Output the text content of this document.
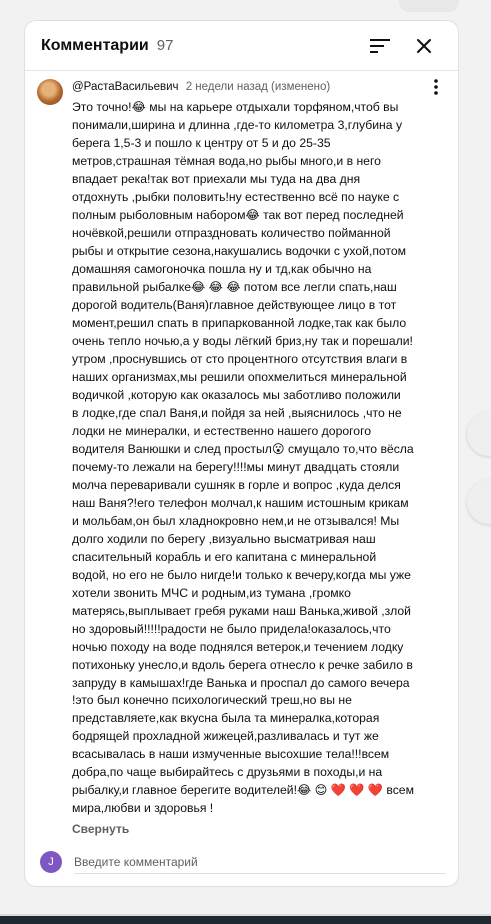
Комментарии 97
@РастаВасильевич 2 недели назад (изменено)

Это точно!😂 мы на карьере отдыхали торфяном,чтоб вы

понимали,ширина и длинна ,где-то километра 3,глубина у

берега 1,5-3 и пошло к центру от 5 и до 25-35

метров,страшная тёмная вода,но рыбы много,и в него

впадает река!так вот приехали мы туда на два дня

отдохнуть ,рыбки половить!ну естественно всё по науке с

полным рыболовным набором😂 так вот перед последней

ночёвкой,решили отпраздновать количество пойманной

рыбы и открытие сезона,накушались водочки с ухой,потом

домашняя самогоночка пошла ну и тд,как обычно на

правильной рыбалке😂 😂 😂 потом все легли спать,наш

дорогой водитель(Ваня)главное действующее лицо в тот

момент,решил спать в припаркованной лодке,так как было

очень тепло ночью,а у воды лёгкий бриз,ну так и порешали!

утром ,проснувшись от сто процентного отсутствия влаги в

наших организмах,мы решили опохмелиться минеральной

водичкой ,которую как оказалось мы заботливо положили

в лодке,где спал Ваня,и пойдя за ней ,выяснилось ,что не

лодки не минералки, и естественно нашего дорогого

водителя Ванюшки и след простыл😮 смущало то,что вёсла

почему-то лежали на берегу!!!!мы минут двадцать стояли

молча переваривали сушняк в горле и вопрос ,куда делся

наш Ваня?!его телефон молчал,к нашим истошным крикам

и мольбам,он был хладнокровно нем,и не отзывался! Мы

долго ходили по берегу ,визуально высматривая наш

спасительный корабль и его капитана с минеральной

водой, но его не было нигде!и только к вечеру,когда мы уже

хотели звонить МЧС и родным,из тумана ,громко

матерясь,выплывает гребя руками наш Ванька,живой ,злой

но здоровый!!!!!радости не было придела!оказалось,что

ночью походу на воде поднялся ветерок,и течением лодку

потихоньку унесло,и вдоль берега отнесло к речке забило в

запруду в камышах!где Ванька и проспал до самого вечера

!это был конечно психологический треш,но вы не

представляете,как вкусна была та минералка,которая

бодрящей прохладной жижецей,разливалась и тут же

всасывалась в наши измученные высохшие тела!!!всем

добра,по чаще выбирайтесь с друзьями в походы,и на

рыбалку,и главное берегите водителей!😂 😊 ❤️ ❤️ ❤️ всем

мира,любви и здоровья !

Свернуть
J
Введите комментарий
